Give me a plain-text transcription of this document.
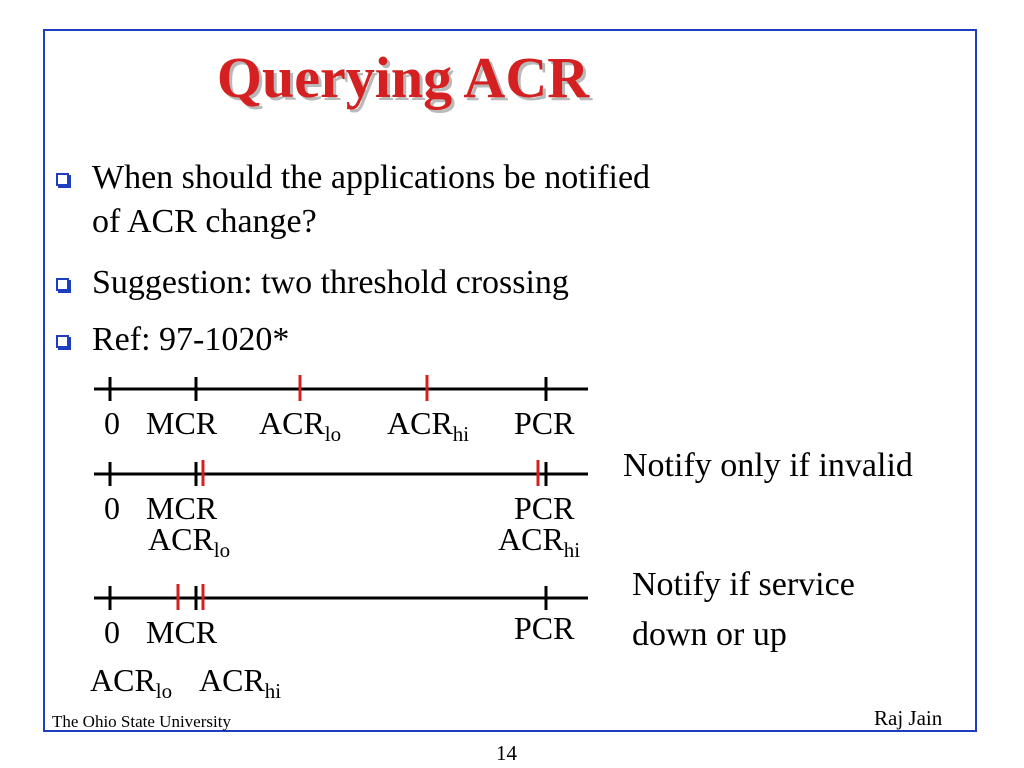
Querying ACR
When should the applications be notified
of ACR change?
Suggestion: two threshold crossing
Ref: 97-1020*
0 MCR $ACR_{lo}$ $ACR_{hi}$ PCR
0 MCR	PCR
$ACR_{lo}$	$ACR_{hi}$
Notify only if invalid
0 MCR	PCR
$ACR_{lo}$ $ACR_{hi}$
Notify if service
down or up
The Ohio State University	Raj Jain
14
